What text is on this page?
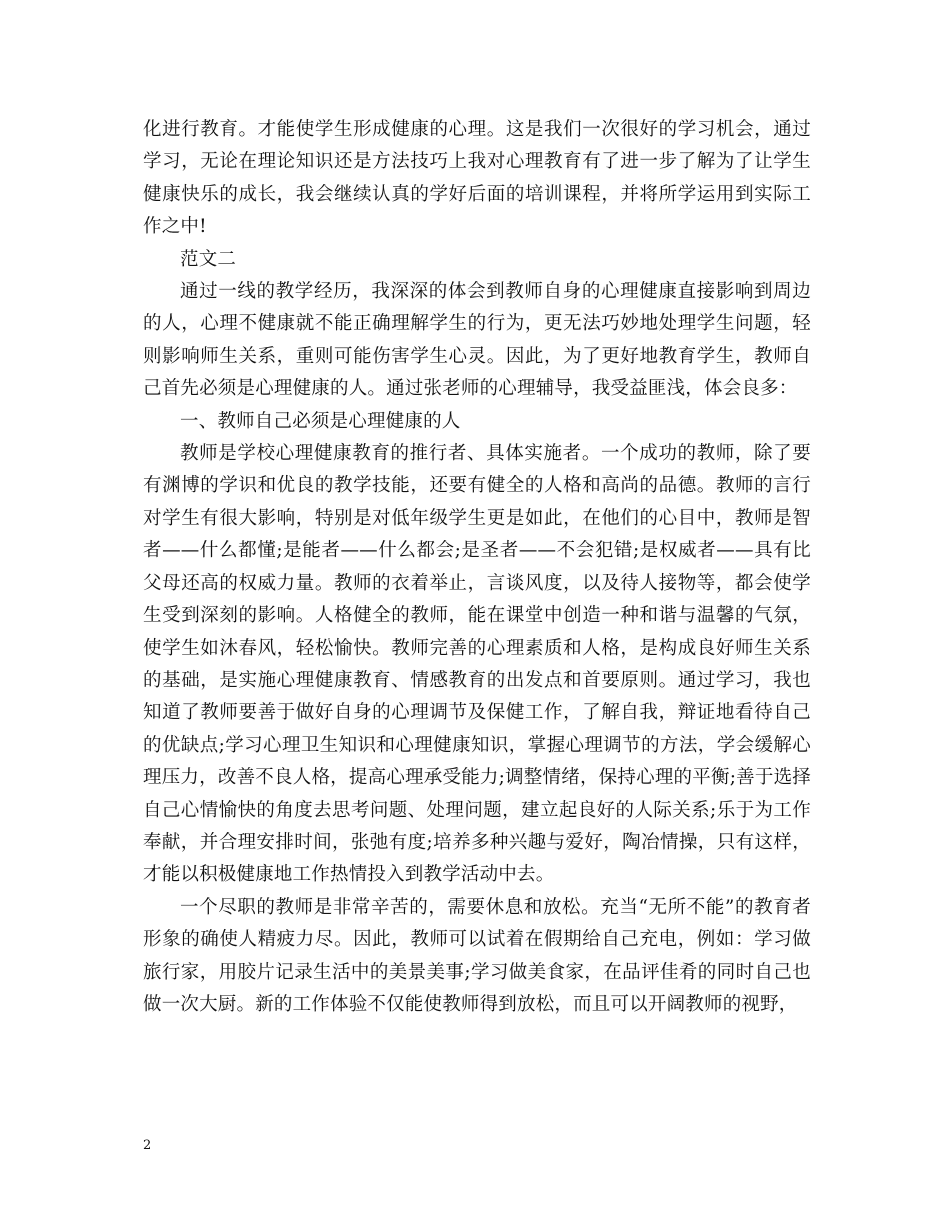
化进行教育。才能使学生形成健康的心理。这是我们一次很好的学习机会，通过学习，无论在理论知识还是方法技巧上我对心理教育有了进一步了解为了让学生健康快乐的成长，我会继续认真的学好后面的培训课程，并将所学运用到实际工作之中!

范文二

通过一线的教学经历，我深深的体会到教师自身的心理健康直接影响到周边的人，心理不健康就不能正确理解学生的行为，更无法巧妙地处理学生问题，轻则影响师生关系，重则可能伤害学生心灵。因此，为了更好地教育学生，教师自己首先必须是心理健康的人。通过张老师的心理辅导，我受益匪浅，体会良多：

一、教师自己必须是心理健康的人

教师是学校心理健康教育的推行者、具体实施者。一个成功的教师，除了要有渊博的学识和优良的教学技能，还要有健全的人格和高尚的品德。教师的言行对学生有很大影响，特别是对低年级学生更是如此，在他们的心目中，教师是智者——什么都懂;是能者——什么都会;是圣者——不会犯错;是权威者——具有比父母还高的权威力量。教师的衣着举止，言谈风度，以及待人接物等，都会使学生受到深刻的影响。人格健全的教师，能在课堂中创造一种和谐与温馨的气氛，使学生如沐春风，轻松愉快。教师完善的心理素质和人格，是构成良好师生关系的基础，是实施心理健康教育、情感教育的出发点和首要原则。通过学习，我也知道了教师要善于做好自身的心理调节及保健工作，了解自我，辩证地看待自己的优缺点;学习心理卫生知识和心理健康知识，掌握心理调节的方法，学会缓解心理压力，改善不良人格，提高心理承受能力;调整情绪，保持心理的平衡;善于选择自己心情愉快的角度去思考问题、处理问题，建立起良好的人际关系;乐于为工作奉献，并合理安排时间，张弛有度;培养多种兴趣与爱好，陶冶情操，只有这样，才能以积极健康地工作热情投入到教学活动中去。

一个尽职的教师是非常辛苦的，需要休息和放松。充当“无所不能”的教育者形象的确使人精疲力尽。因此，教师可以试着在假期给自己充电，例如：学习做旅行家，用胶片记录生活中的美景美事;学习做美食家，在品评佳肴的同时自己也做一次大厨。新的工作体验不仅能使教师得到放松，而且可以开阔教师的视野，

2
